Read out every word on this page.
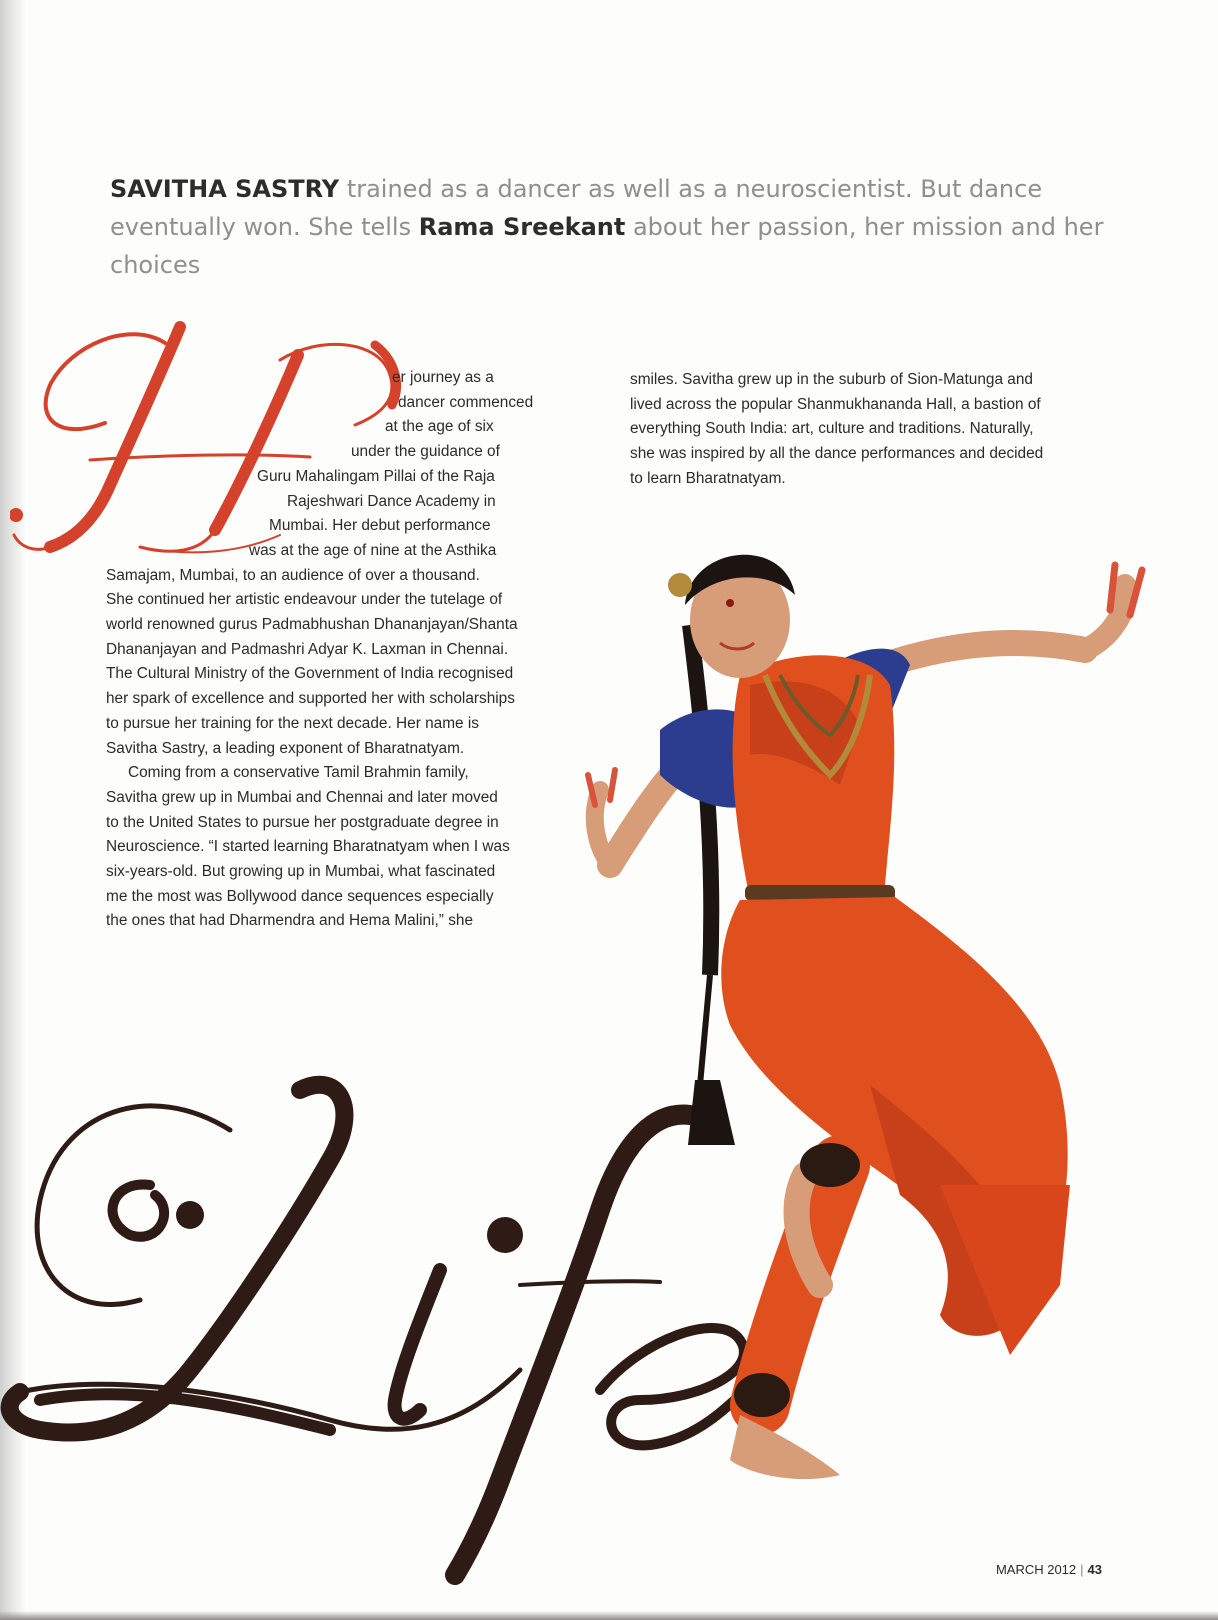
SAVITHA SASTRY trained as a dancer as well as a neuroscientist. But dance eventually won. She tells Rama Sreekant about her passion, her mission and her choices

er journey as a
dancer commenced
at the age of six
under the guidance of
Guru Mahalingam Pillai of the Raja
Rajeshwari Dance Academy in
Mumbai. Her debut performance
was at the age of nine at the Asthika
Samajam, Mumbai, to an audience of over a thousand.
She continued her artistic endeavour under the tutelage of
world renowned gurus Padmabhushan Dhananjayan/Shanta
Dhananjayan and Padmashri Adyar K. Laxman in Chennai.
The Cultural Ministry of the Government of India recognised
her spark of excellence and supported her with scholarships
to pursue her training for the next decade. Her name is
Savitha Sastry, a leading exponent of Bharatnatyam.
Coming from a conservative Tamil Brahmin family,
Savitha grew up in Mumbai and Chennai and later moved
to the United States to pursue her postgraduate degree in
Neuroscience. “I started learning Bharatnatyam when I was
six-years-old. But growing up in Mumbai, what fascinated
me the most was Bollywood dance sequences especially
the ones that had Dharmendra and Hema Malini,” she
smiles. Savitha grew up in the suburb of Sion-Matunga and
lived across the popular Shanmukhananda Hall, a bastion of
everything South India: art, culture and traditions. Naturally,
she was inspired by all the dance performances and decided
to learn Bharatnatyam.
MARCH 2012 | 43
